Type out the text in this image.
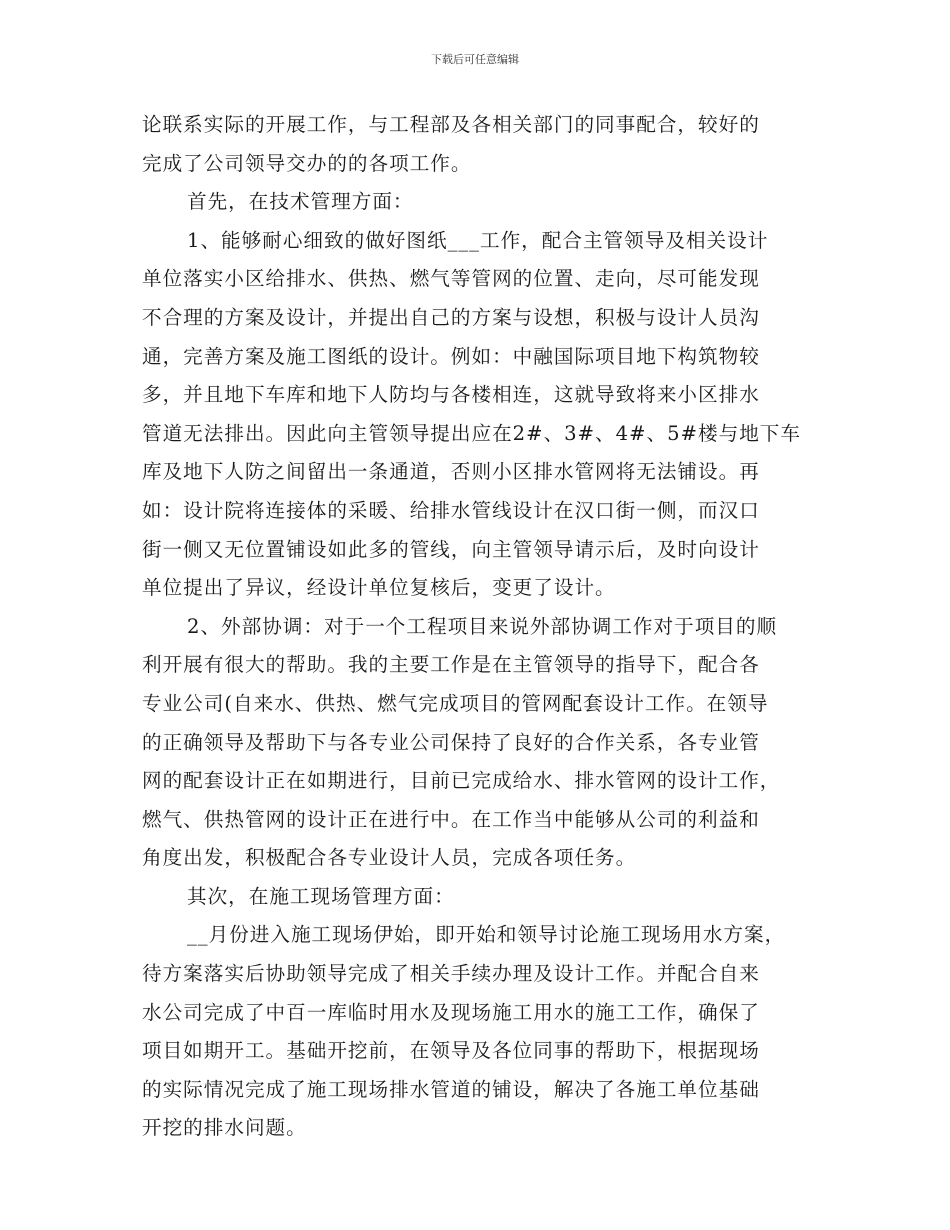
下载后可任意编辑
论联系实际的开展工作，与工程部及各相关部门的同事配合，较好的
完成了公司领导交办的的各项工作。
首先，在技术管理方面：
1、能够耐心细致的做好图纸___工作，配合主管领导及相关设计
单位落实小区给排水、供热、燃气等管网的位置、走向，尽可能发现
不合理的方案及设计，并提出自己的方案与设想，积极与设计人员沟
通，完善方案及施工图纸的设计。例如：中融国际项目地下构筑物较
多，并且地下车库和地下人防均与各楼相连，这就导致将来小区排水
管道无法排出。因此向主管领导提出应在2#、3#、4#、5#楼与地下车
库及地下人防之间留出一条通道，否则小区排水管网将无法铺设。再
如：设计院将连接体的采暖、给排水管线设计在汉口街一侧，而汉口
街一侧又无位置铺设如此多的管线，向主管领导请示后，及时向设计
单位提出了异议，经设计单位复核后，变更了设计。
2、外部协调：对于一个工程项目来说外部协调工作对于项目的顺
利开展有很大的帮助。我的主要工作是在主管领导的指导下，配合各
专业公司(自来水、供热、燃气完成项目的管网配套设计工作。在领导
的正确领导及帮助下与各专业公司保持了良好的合作关系，各专业管
网的配套设计正在如期进行，目前已完成给水、排水管网的设计工作，
燃气、供热管网的设计正在进行中。在工作当中能够从公司的利益和
角度出发，积极配合各专业设计人员，完成各项任务。
其次，在施工现场管理方面：
__月份进入施工现场伊始，即开始和领导讨论施工现场用水方案，
待方案落实后协助领导完成了相关手续办理及设计工作。并配合自来
水公司完成了中百一库临时用水及现场施工用水的施工工作，确保了
项目如期开工。基础开挖前，在领导及各位同事的帮助下，根据现场
的实际情况完成了施工现场排水管道的铺设，解决了各施工单位基础
开挖的排水问题。
